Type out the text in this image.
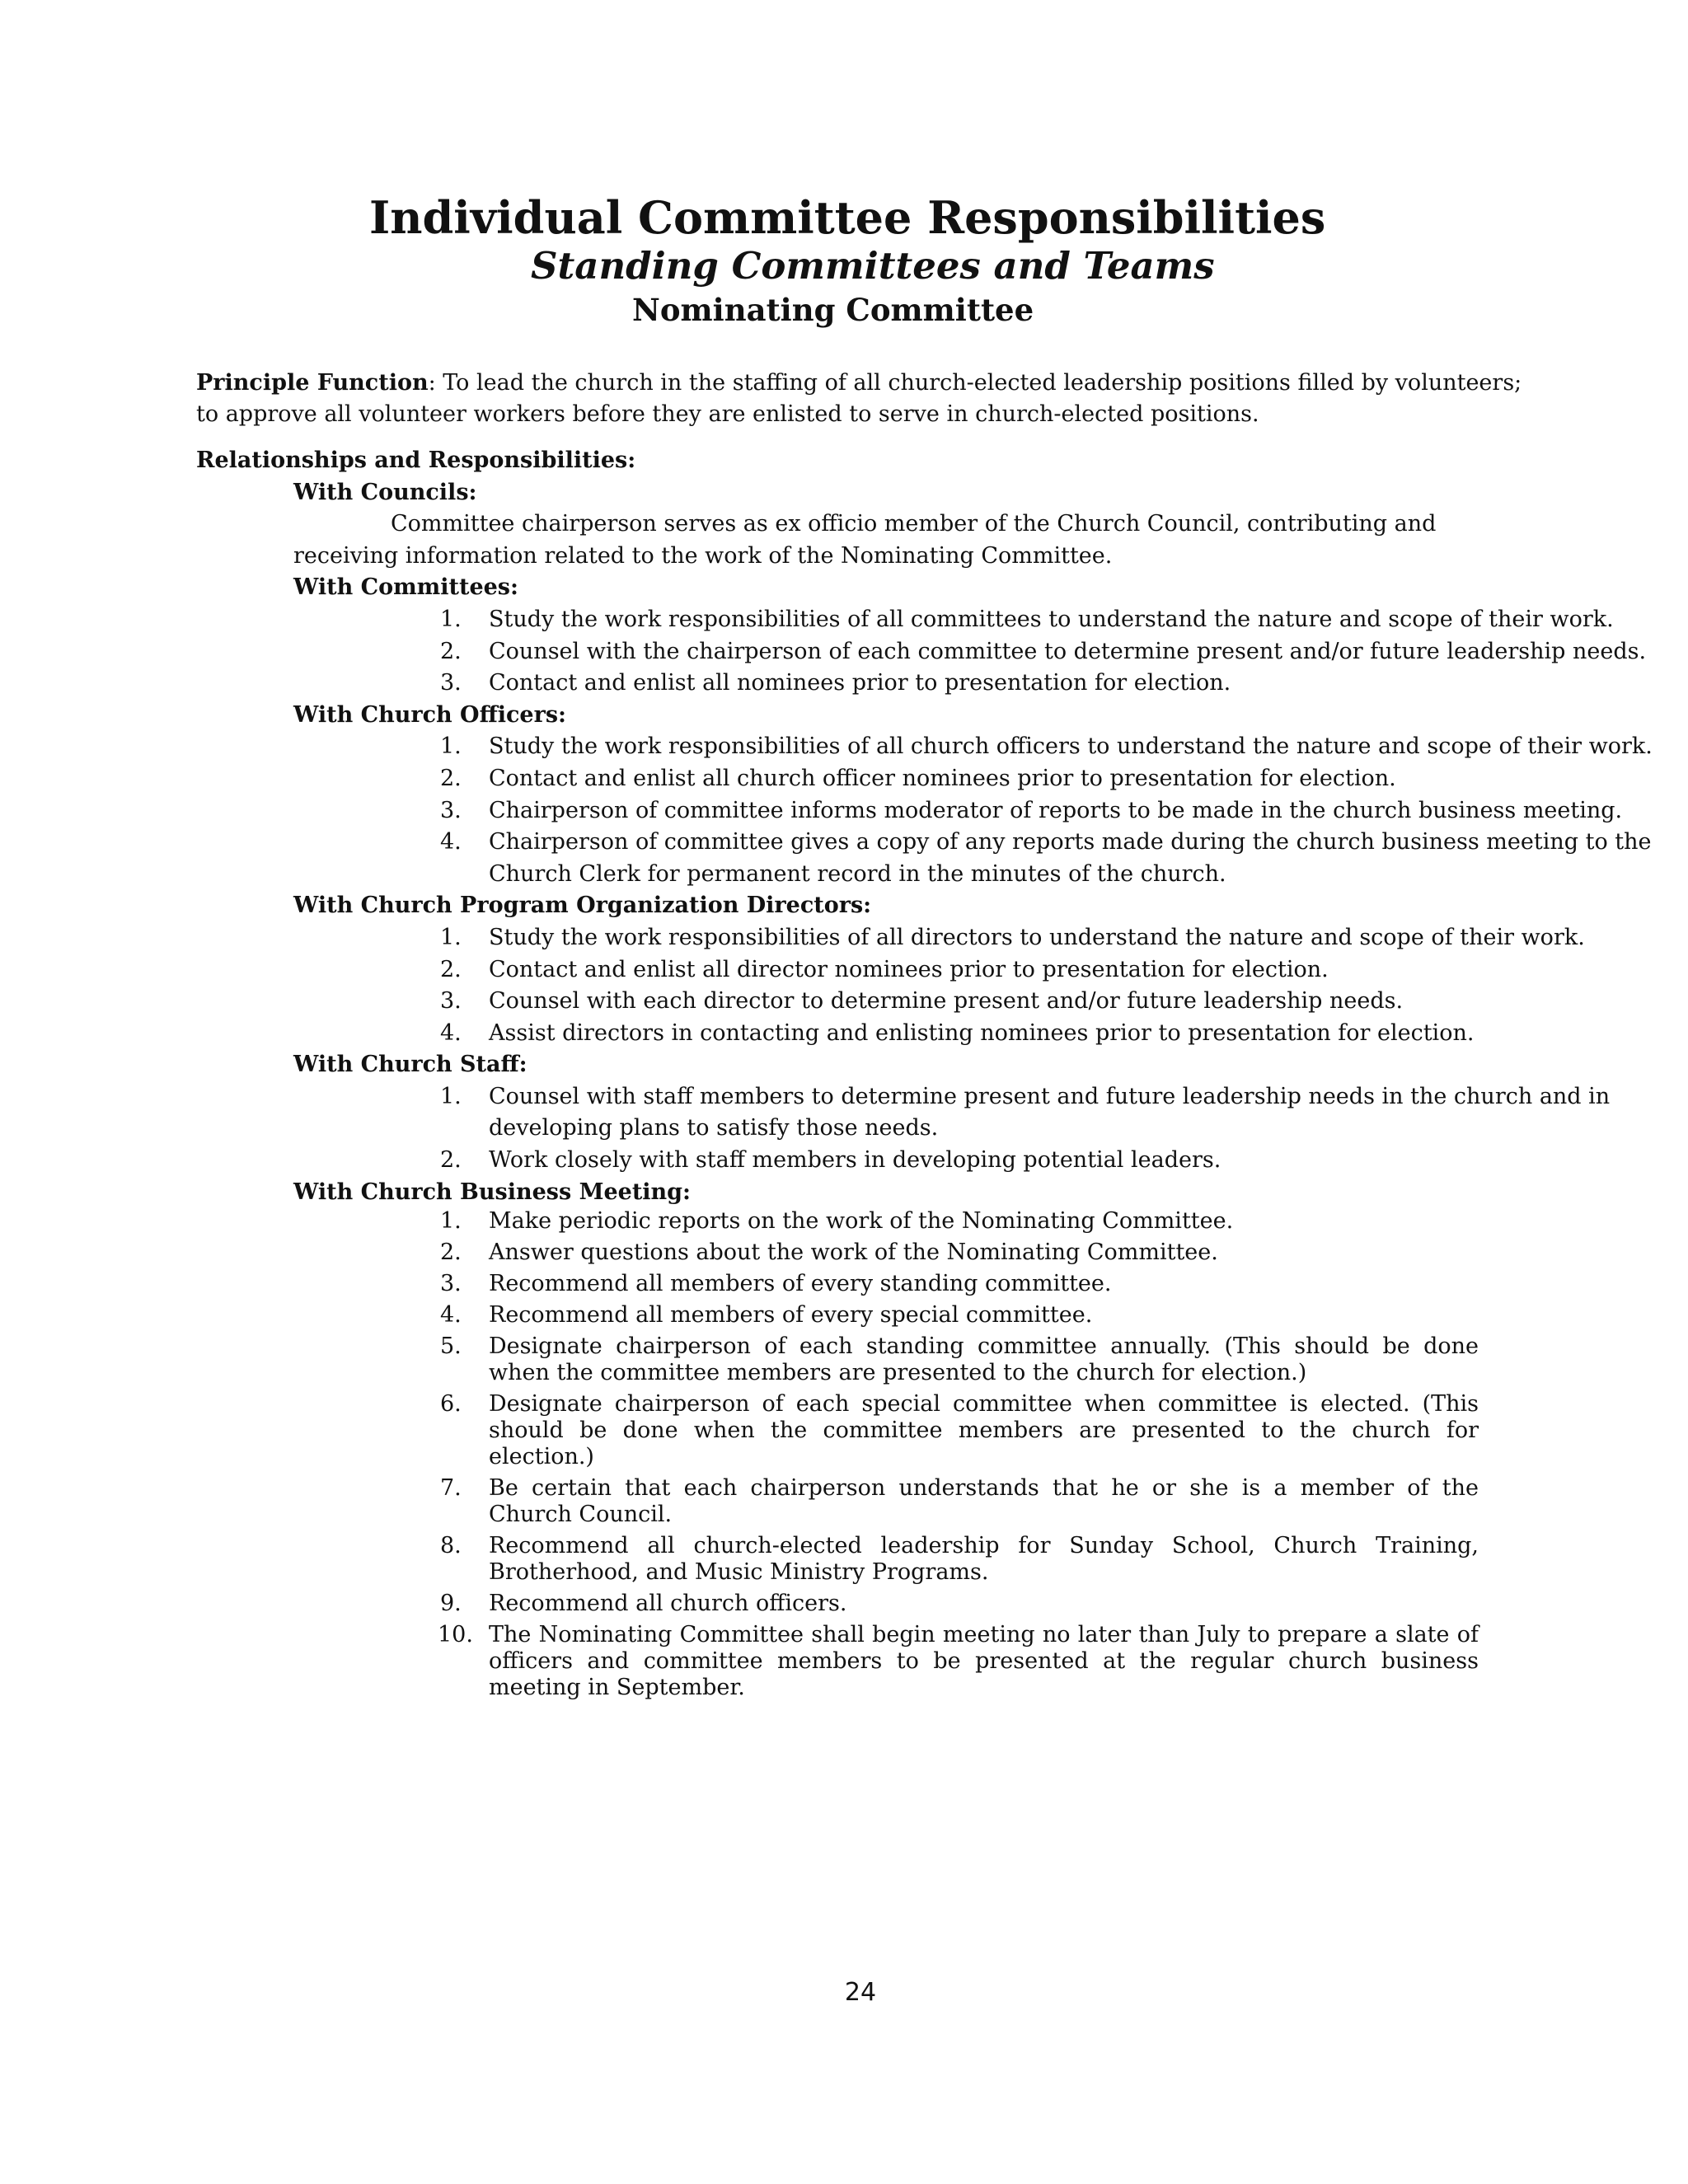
Individual Committee Responsibilities
Standing Committees and Teams
Nominating Committee

Principle Function: To lead the church in the staffing of all church-elected leadership positions filled by volunteers; to approve all volunteer workers before they are enlisted to serve in church-elected positions.

Relationships and Responsibilities:
With Councils:
Committee chairperson serves as ex officio member of the Church Council, contributing and receiving information related to the work of the Nominating Committee.
With Committees:
1.	Study the work responsibilities of all committees to understand the nature and scope of their work.
2.	Counsel with the chairperson of each committee to determine present and/or future leadership needs.
3.	Contact and enlist all nominees prior to presentation for election.
With Church Officers:
1.	Study the work responsibilities of all church officers to understand the nature and scope of their work.
2.	Contact and enlist all church officer nominees prior to presentation for election.
3.	Chairperson of committee informs moderator of reports to be made in the church business meeting.
4.	Chairperson of committee gives a copy of any reports made during the church business meeting to the Church Clerk for permanent record in the minutes of the church.
With Church Program Organization Directors:
1.	Study the work responsibilities of all directors to understand the nature and scope of their work.
2.	Contact and enlist all director nominees prior to presentation for election.
3.	Counsel with each director to determine present and/or future leadership needs.
4.	Assist directors in contacting and enlisting nominees prior to presentation for election.
With Church Staff:
1.	Counsel with staff members to determine present and future leadership needs in the church and in developing plans to satisfy those needs.
2.	Work closely with staff members in developing potential leaders.
With Church Business Meeting:
1.	Make periodic reports on the work of the Nominating Committee.
2.	Answer questions about the work of the Nominating Committee.
3.	Recommend all members of every standing committee.
4.	Recommend all members of every special committee.
5.	Designate chairperson of each standing committee annually. (This should be done when the committee members are presented to the church for election.)
6.	Designate chairperson of each special committee when committee is elected. (This should be done when the committee members are presented to the church for election.)
7.	Be certain that each chairperson understands that he or she is a member of the Church Council.
8.	Recommend all church-elected leadership for Sunday School, Church Training, Brotherhood, and Music Ministry Programs.
9.	Recommend all church officers.
10. The Nominating Committee shall begin meeting no later than July to prepare a slate of officers and committee members to be presented at the regular church business meeting in September.
24
